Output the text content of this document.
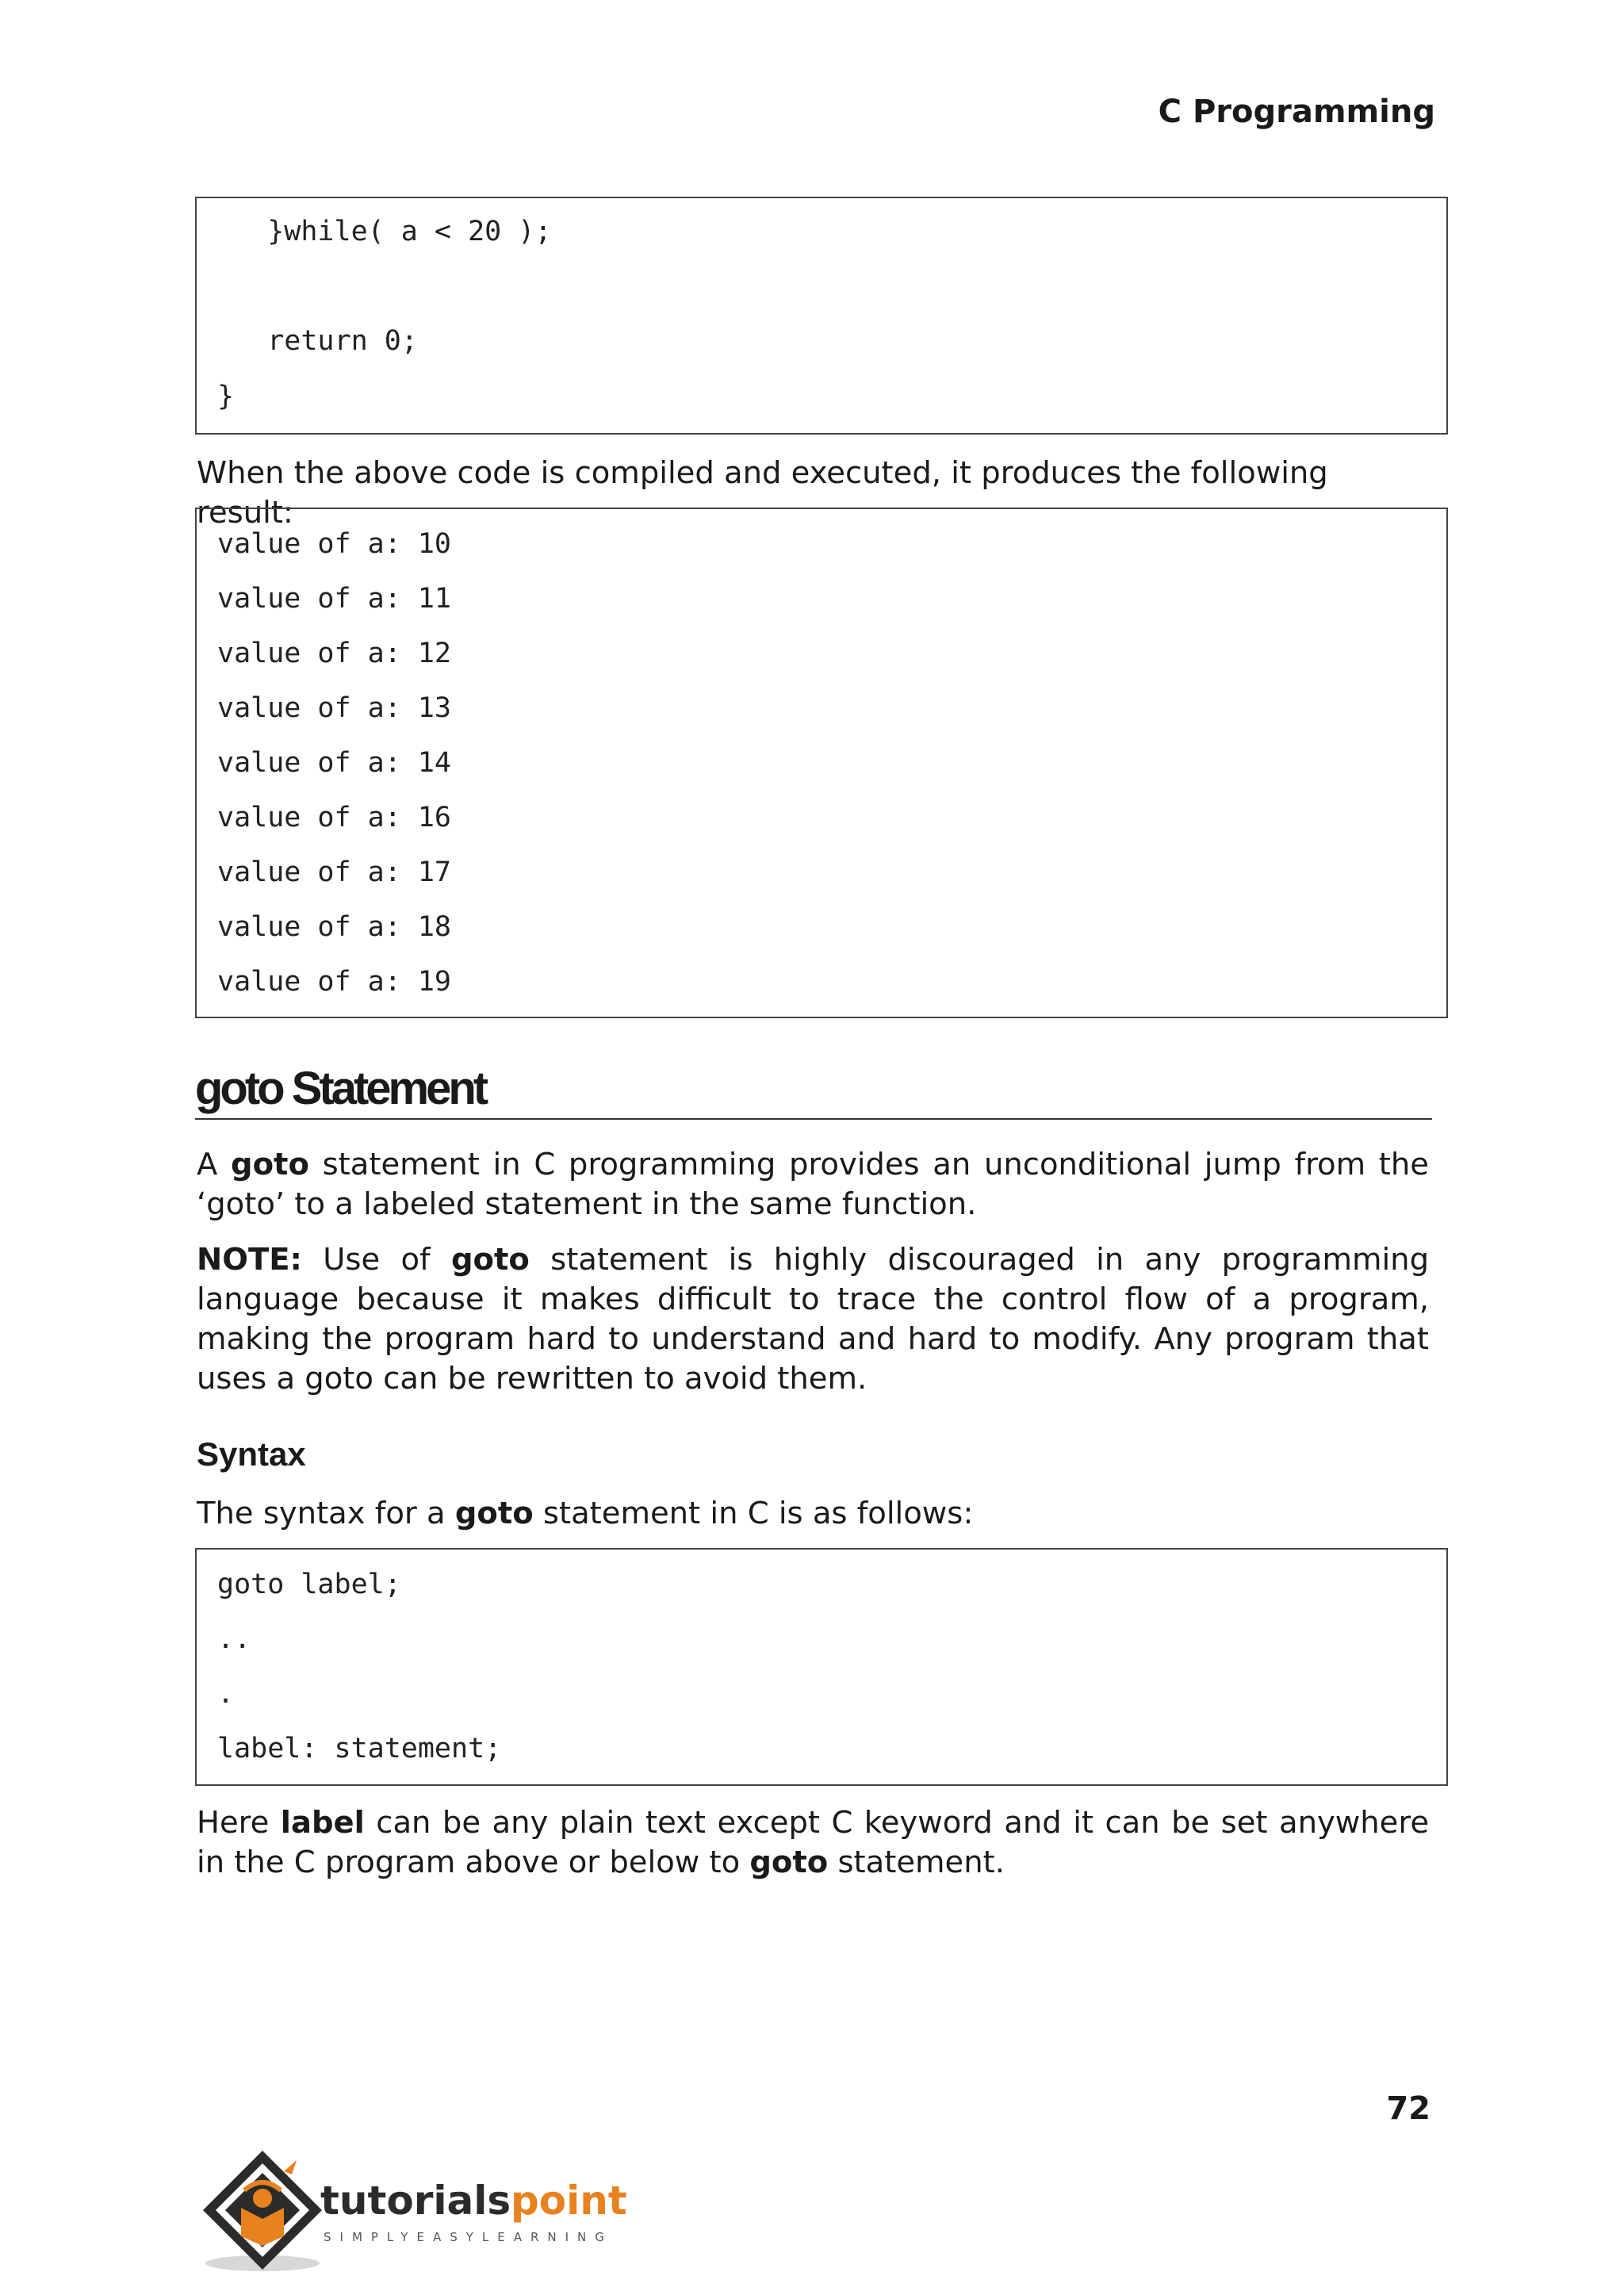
C Programming
}while( a < 20 );
return 0;
}
When the above code is compiled and executed, it produces the following result:
value of a: 10
value of a: 11
value of a: 12
value of a: 13
value of a: 14
value of a: 16
value of a: 17
value of a: 18
value of a: 19
goto Statement
A goto statement in C programming provides an unconditional jump from the ‘goto’ to a labeled statement in the same function.
NOTE: Use of goto statement is highly discouraged in any programming language because it makes difficult to trace the control flow of a program, making the program hard to understand and hard to modify. Any program that uses a goto can be rewritten to avoid them.
Syntax
The syntax for a goto statement in C is as follows:
goto label;
..
.
label: statement;
Here label can be any plain text except C keyword and it can be set anywhere in the C program above or below to goto statement.
72
tutorials point
SIMPLYEASYLEARNING
